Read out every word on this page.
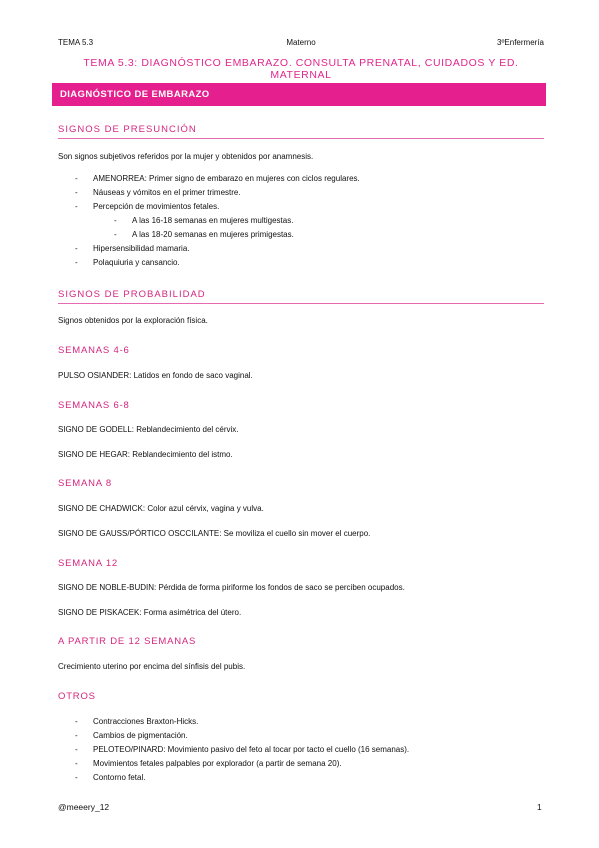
TEMA 5.3	Materno	3ºEnfermería
TEMA 5.3: DIAGNÓSTICO EMBARAZO. CONSULTA PRENATAL, CUIDADOS Y ED. MATERNAL
DIAGNÓSTICO DE EMBARAZO
SIGNOS DE PRESUNCIÓN
Son signos subjetivos referidos por la mujer y obtenidos por anamnesis.
- AMENORREA: Primer signo de embarazo en mujeres con ciclos regulares.
- Náuseas y vómitos en el primer trimestre.
- Percepción de movimientos fetales.
- A las 16-18 semanas en mujeres multigestas.
- A las 18-20 semanas en mujeres primigestas.
- Hipersensibilidad mamaria.
- Polaquiuria y cansancio.
SIGNOS DE PROBABILIDAD
Signos obtenidos por la exploración física.
SEMANAS 4-6
PULSO OSIANDER: Latidos en fondo de saco vaginal.
SEMANAS 6-8
SIGNO DE GODELL: Reblandecimiento del cérvix.
SIGNO DE HEGAR: Reblandecimiento del istmo.
SEMANA 8
SIGNO DE CHADWICK: Color azul cérvix, vagina y vulva.
SIGNO DE GAUSS/PÓRTICO OSCCILANTE: Se moviliza el cuello sin mover el cuerpo.
SEMANA 12
SIGNO DE NOBLE-BUDIN: Pérdida de forma piriforme los fondos de saco se perciben ocupados.
SIGNO DE PISKACEK: Forma asimétrica del útero.
A PARTIR DE 12 SEMANAS
Crecimiento uterino por encima del sínfisis del pubis.
OTROS
- Contracciones Braxton-Hicks.
- Cambios de pigmentación.
- PELOTEO/PINARD: Movimiento pasivo del feto al tocar por tacto el cuello (16 semanas).
- Movimientos fetales palpables por explorador (a partir de semana 20).
- Contorno fetal.
@meeery_12	1
